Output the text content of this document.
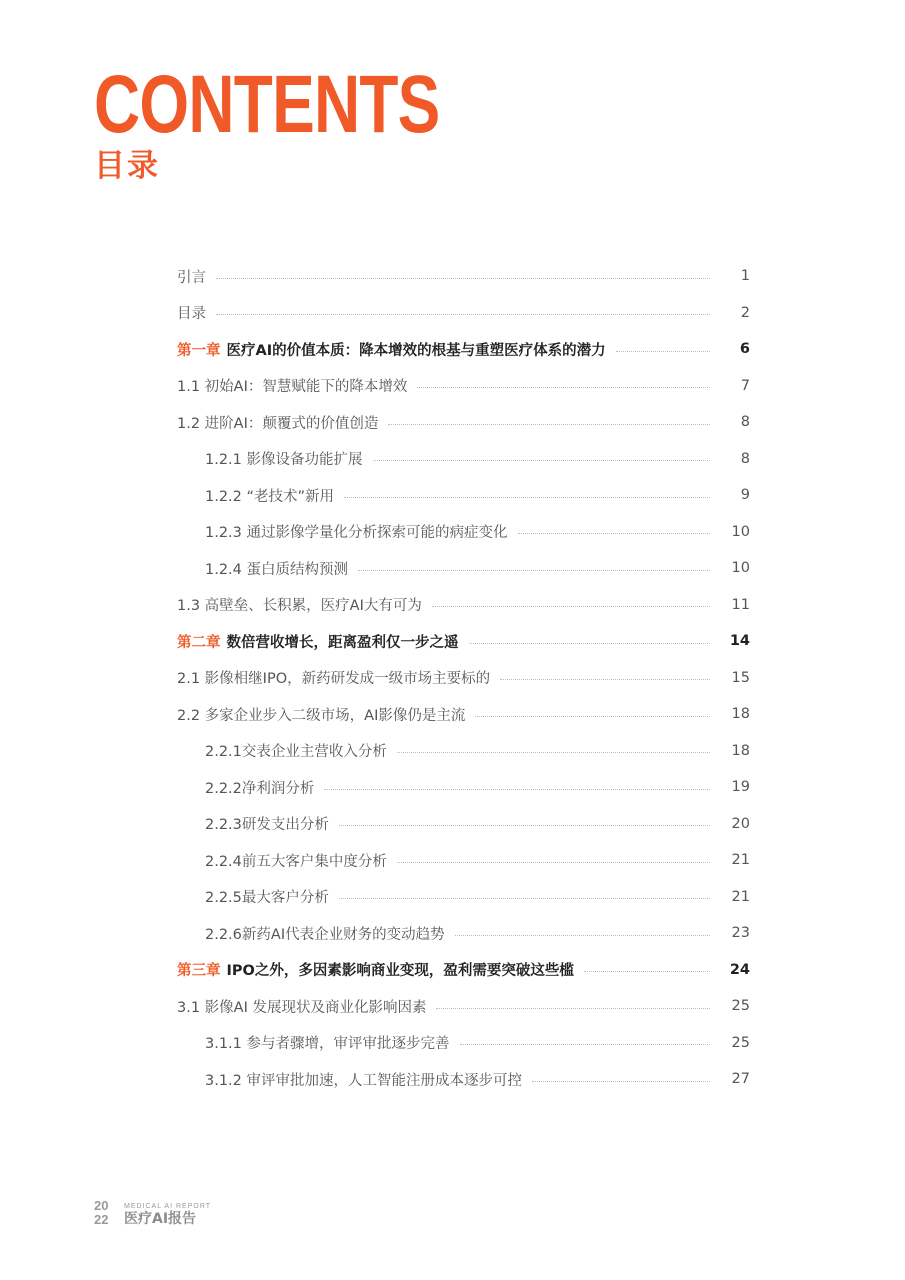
CONTENTS
目录
引言	1
目录	2
第一章 医疗AI的价值本质：降本增效的根基与重塑医疗体系的潜力	6
1.1 初始AI：智慧赋能下的降本增效	7
1.2 进阶AI：颠覆式的价值创造	8
1.2.1 影像设备功能扩展	8
1.2.2 “老技术”新用	9
1.2.3 通过影像学量化分析探索可能的病症变化	10
1.2.4 蛋白质结构预测	10
1.3 高壁垒、长积累，医疗AI大有可为	11
第二章 数倍营收增长，距离盈利仅一步之遥	14
2.1 影像相继IPO，新药研发成一级市场主要标的	15
2.2 多家企业步入二级市场，AI影像仍是主流	18
2.2.1交表企业主营收入分析	18
2.2.2净利润分析	19
2.2.3研发支出分析	20
2.2.4前五大客户集中度分析	21
2.2.5最大客户分析	21
2.2.6新药AI代表企业财务的变动趋势	23
第三章 IPO之外，多因素影响商业变现，盈利需要突破这些槛	24
3.1 影像AI 发展现状及商业化影响因素	25
3.1.1 参与者骤增，审评审批逐步完善	25
3.1.2 审评审批加速，人工智能注册成本逐步可控	27
20
22
MEDICAL AI REPORT
医疗AI报告
